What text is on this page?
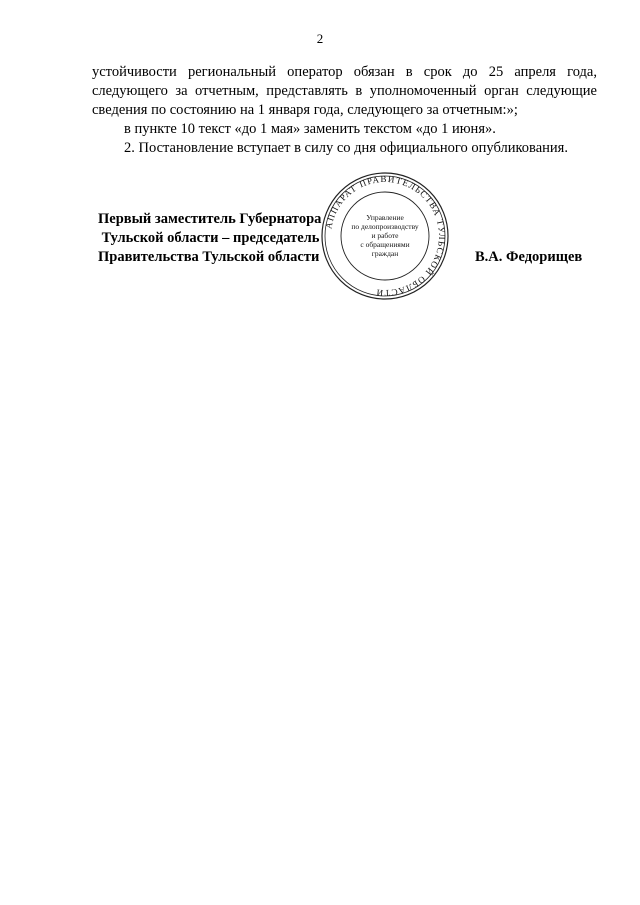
2
устойчивости региональный оператор обязан в срок до 25 апреля года,
следующего за отчетным, представлять в уполномоченный орган следующие
сведения по состоянию на 1 января года, следующего за отчетным:»;
в пункте 10 текст «до 1 мая» заменить текстом «до 1 июня».
2. Постановление вступает в силу со дня официального опубликования.
АППАРАТ ПРАВИТЕЛЬСТВА ТУЛЬСКОЙ ОБЛАСТИ
Управление
по делопроизводству
и работе
с обращениями
граждан
Первый заместитель Губернатора
Тульской области – председатель
Правительства Тульской области	В.А. Федорищев
